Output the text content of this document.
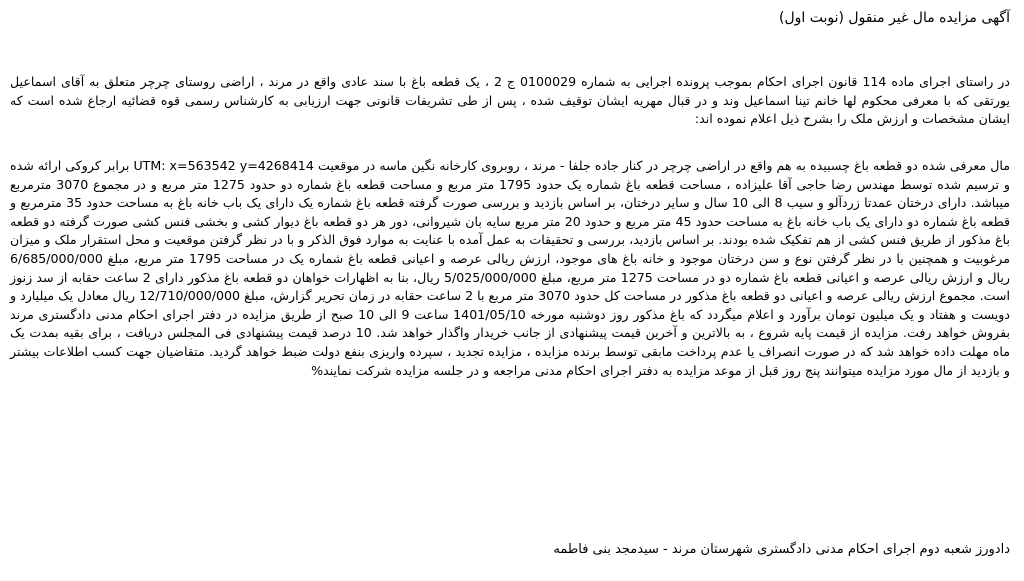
آگهی مزایده مال غیر منقول (نوبت اول)

در راستای اجرای ماده 114 قانون اجرای احکام بموجب پرونده اجرایی به شماره 0100029 ج 2 ، یک قطعه باغ با سند عادی واقع در مرند ، اراضی روستای چرچر متعلق به آقای اسماعیل یورتقی که با معرفی محکوم لها خانم تینا اسماعیل وند و در قبال مهریه ایشان توقیف شده ، پس از طی تشریفات قانونی جهت ارزیابی به کارشناس رسمی قوه قضائیه ارجاع شده است که ایشان مشخصات و ارزش ملک را بشرح ذیل اعلام نموده اند:

مال معرفی شده دو قطعه باغ چسبیده به هم واقع در اراضی چرچر در کنار جاده جلفا - مرند ، روبروی کارخانه نگین ماسه در موقعیت UTM: x=563542 y=4268414 برابر کروکی ارائه شده و ترسیم شده توسط مهندس رضا حاجی آقا علیزاده ، مساحت قطعه باغ شماره یک حدود 1795 متر مربع و مساحت قطعه باغ شماره دو حدود 1275 متر مربع و در مجموع 3070 مترمربع میباشد. دارای درختان عمدتا زردآلو و سیب 8 الی 10 سال و سایر درختان، بر اساس بازدید و بررسی صورت گرفته قطعه باغ شماره یک دارای یک باب خانه باغ به مساحت حدود 35 مترمربع و قطعه باغ شماره دو دارای یک باب خانه باغ به مساحت حدود 45 متر مربع و حدود 20 متر مربع سایه بان شیروانی، دور هر دو قطعه باغ دیوار کشی و بخشی فنس کشی صورت گرفته دو قطعه باغ مذکور از طریق فنس کشی از هم تفکیک شده بودند. بر اساس بازدید، بررسی و تحقیقات به عمل آمده با عنایت به موارد فوق الذکر و با در نظر گرفتن موقعیت و محل استقرار ملک و میزان مرغوبیت و همچنین با در نظر گرفتن نوع و سن درختان موجود و خانه باغ های موجود، ارزش ریالی عرصه و اعیانی قطعه باغ شماره یک در مساحت 1795 متر مربع، مبلغ 6/685/000/000 ریال و ارزش ریالی عرصه و اعیانی قطعه باغ شماره دو در مساحت 1275 متر مربع، مبلغ 5/025/000/000 ریال، بنا به اظهارات خواهان دو قطعه باغ مذکور دارای 2 ساعت حقابه از سد زنوز است. مجموع ارزش ریالی عرصه و اعیانی دو قطعه باغ مذکور در مساحت کل حدود 3070 متر مربع با 2 ساعت حقابه در زمان تحریر گزارش، مبلغ 12/710/000/000 ریال معادل یک میلیارد و دویست و هفتاد و یک میلیون تومان برآورد و اعلام میگردد که باغ مذکور روز دوشنبه مورخه 1401/05/10 ساعت 9 الی 10 صبح از طریق مزایده در دفتر اجرای احکام مدنی دادگستری مرند بفروش خواهد رفت. مزایده از قیمت پایه شروع ، به بالاترین و آخرین قیمت پیشنهادی از جانب خریدار واگذار خواهد شد. 10 درصد قیمت پیشنهادی فی المجلس دریافت ، برای بقیه بمدت یک ماه مهلت داده خواهد شد که در صورت انصراف یا عدم پرداخت مابقی توسط برنده مزایده ، مزایده تجدید ، سپرده واریزی بنفع دولت ضبط خواهد گردید. متقاضیان جهت کسب اطلاعات بیشتر و بازدید از مال مورد مزایده میتوانند پنج روز قبل از موعد مزایده به دفتر اجرای احکام مدنی مراجعه و در جلسه مزایده شرکت نمایند%

دادورز شعبه دوم اجرای احکام مدنی دادگستری شهرستان مرند - سیدمجد بنی فاطمه
